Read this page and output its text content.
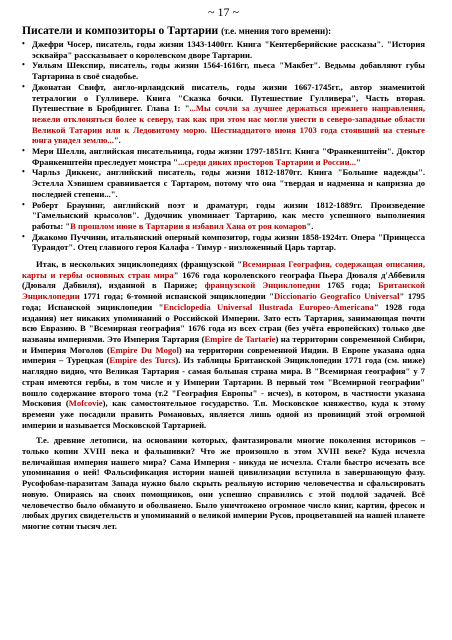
~ 17 ~
Писатели и композиторы о Тартарии (т.е. мнения того времени):
• Джефри Чосер, писатель, годы жизни 1343-1400гг. Книга "Кентерберийские рассказы". "История эсквайра" рассказывает о королевском дворе Тартарии.
• Уильям Шекспир, писатель, годы жизни 1564-1616гг, пьеса "Макбет". Ведьмы добавляют губы Тартарина в своё снадобье.
• Джонатан Свифт, англо-ирландский писатель, годы жизни 1667-1745гг., автор знаменитой тетралогии о Гулливере. Книга "Сказка бочки. Путешествие Гулливера", Часть вторая. Путешествие в Бробдингег. Глава 1: "...Мы сочли за лучшее держаться прежнего направления, нежели отклоняться более к северу, так как при этом нас могли унести в северо-западные области Великой Татарии или к Ледовитому морю. Шестнадцатого июня 1703 года стоявший на стеньге юнга увидел землю...".
• Мери Шелли, английская писательница, годы жизни 1797-1851гг. Книга "Франкенштейн". Доктор Франкенштейн преследует монстра "...среди диких просторов Тартарии и России..."
• Чарльз Диккенс, английский писатель, годы жизни 1812-1870гг. Книга "Большие надежды". Эстелла Хэвишем сравнивается с Тартаром, потому что она "твердая и надменна и капризна до последней степени...".
• Роберт Браунинг, английский поэт и драматург, годы жизни 1812-1889гг. Произведение "Гамельнский крысолов". Дудочник упоминает Тартарию, как место успешного выполнения работы: "В прошлом июне в Тартарии я избавил Хана от роя комаров".
• Джакомо Пуччини, итальянский оперный композитор, годы жизни 1858-1924гг. Опера "Принцесса Турандот". Отец главного героя Калафа - Тимур - низложенный Царь тартар.

Итак, в нескольких энциклопедиях (французской "Всемирная География, содержащая описания, карты и гербы основных стран мира" 1676 года королевского географа Пьера Дюваля д'Аббевиля (Дюваля Дабвиля), изданной в Париже; французской Энциклопедии 1765 года; Британской Энциклопедии 1771 года; 6-томной испанской энциклопедии "Diccionario Geografico Universal" 1795 года; Испанской энциклопедии "Enciclopedia Universal Ilustrada Europeo-Americana" 1928 года издания) нет никаких упоминаний о Российской Империи. Затo есть Тартария, занимающая почти всю Евразию. В "Всемирная география" 1676 года из всех стран (без учёта европейских) только две названы империями. Это Империя Тартария (Empire de Tartarie) на территории современной Сибири, и Империя Моголов (Empire Du Mogol) на территории современной Индии. В Европе указана одна империя – Турецкая (Empire des Turcs). Из таблицы Британской Энциклопедии 1771 года (см. ниже) наглядно видно, что Великая Тартария - самая большая страна мира. В "Всемирная география" у 7 стран имеются гербы, в том числе и у Империи Тартарии. В первый том "Всемирной географии" вошло содержание второго тома (т.2 "География Европы" - исчез), в котором, в частности указана Московия (Mofcovie), как самостоятельное государство. Т.п. Московское княжество, куда к этому времени уже посадили править Романовых, является лишь одной из провинций этой огромной империи и называется Московской Тартарией.

Т.е. древние летописи, на основании которых, фантазировали многие поколения историков – только копии XVIII века и фальшивки? Что же произошло в этом XVIII веке? Куда исчезла величайшая империя нашего мира? Сама Империя - никуда не исчезла. Стали быстро исчезать все упоминания о ней! Фальсификация истории нашей цивилизации вступила в завершающую фазу. Русофобам-паразитам Запада нужно было скрыть реальную историю человечества и сфальсировать новую. Опираясь на своих помощников, они успешно справились с этой подлой задачей. Всё человечество было обмануто и оболванено. Было уничтожено огромное число книг, картин, фресок и любых других свидетельств и упоминаний о великой империи Русов, процветавшей на нашей планете многие сотни тысяч лет.
